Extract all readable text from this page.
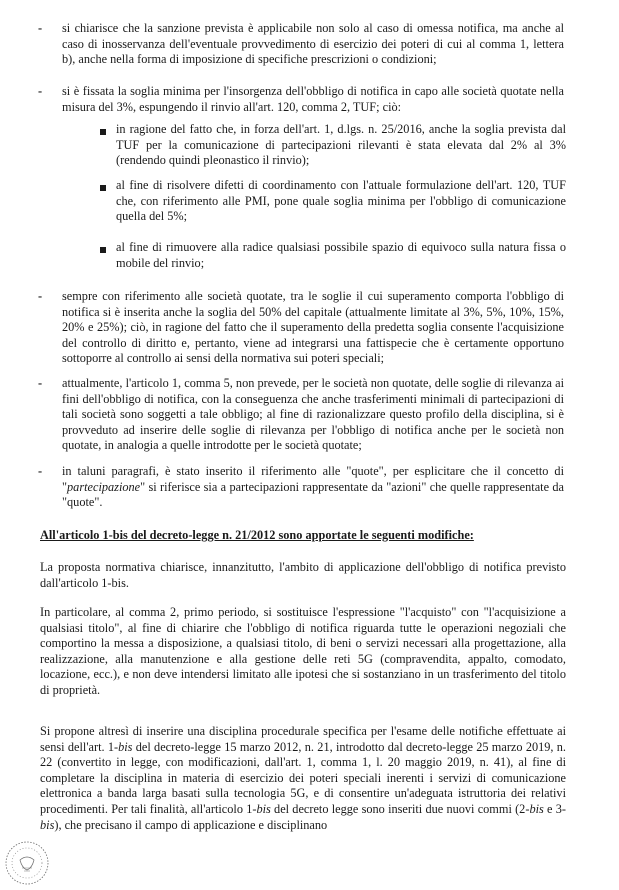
-	si chiarisce che la sanzione prevista è applicabile non solo al caso di omessa notifica, ma anche al caso di inosservanza dell'eventuale provvedimento di esercizio dei poteri di cui al comma 1, lettera b), anche nella forma di imposizione di specifiche prescrizioni o condizioni;

-	si è fissata la soglia minima per l'insorgenza dell'obbligo di notifica in capo alle società quotate nella misura del 3%, espungendo il rinvio all'art. 120, comma 2, TUF; ciò:

in ragione del fatto che, in forza dell'art. 1, d.lgs. n. 25/2016, anche la soglia prevista dal TUF per la comunicazione di partecipazioni rilevanti è stata elevata dal 2% al 3% (rendendo quindi pleonastico il rinvio);

al fine di risolvere difetti di coordinamento con l'attuale formulazione dell'art. 120, TUF che, con riferimento alle PMI, pone quale soglia minima per l'obbligo di comunicazione quella del 5%;

al fine di rimuovere alla radice qualsiasi possibile spazio di equivoco sulla natura fissa o mobile del rinvio;

-	sempre con riferimento alle società quotate, tra le soglie il cui superamento comporta l'obbligo di notifica si è inserita anche la soglia del 50% del capitale (attualmente limitate al 3%, 5%, 10%, 15%, 20% e 25%); ciò, in ragione del fatto che il superamento della predetta soglia consente l'acquisizione del controllo di diritto e, pertanto, viene ad integrarsi una fattispecie che è certamente opportuno sottoporre al controllo ai sensi della normativa sui poteri speciali;

-	attualmente, l'articolo 1, comma 5, non prevede, per le società non quotate, delle soglie di rilevanza ai fini dell'obbligo di notifica, con la conseguenza che anche trasferimenti minimali di partecipazioni di tali società sono soggetti a tale obbligo; al fine di razionalizzare questo profilo della disciplina, si è provveduto ad inserire delle soglie di rilevanza per l'obbligo di notifica anche per le società non quotate, in analogia a quelle introdotte per le società quotate;

-	in taluni paragrafi, è stato inserito il riferimento alle "quote", per esplicitare che il concetto di "partecipazione" si riferisce sia a partecipazioni rappresentate da "azioni" che quelle rappresentate da "quote".

All'articolo 1-bis del decreto-legge n. 21/2012 sono apportate le seguenti modifiche:

La proposta normativa chiarisce, innanzitutto, l'ambito di applicazione dell'obbligo di notifica previsto dall'articolo 1-bis.

In particolare, al comma 2, primo periodo, si sostituisce l'espressione "l'acquisto" con "l'acquisizione a qualsiasi titolo", al fine di chiarire che l'obbligo di notifica riguarda tutte le operazioni negoziali che comportino la messa a disposizione, a qualsiasi titolo, di beni o servizi necessari alla progettazione, alla realizzazione, alla manutenzione e alla gestione delle reti 5G (compravendita, appalto, comodato, locazione, ecc.), e non deve intendersi limitato alle ipotesi che si sostanziano in un trasferimento del titolo di proprietà.

Si propone altresì di inserire una disciplina procedurale specifica per l'esame delle notifiche effettuate ai sensi dell'art. 1-bis del decreto-legge 15 marzo 2012, n. 21, introdotto dal decreto-legge 25 marzo 2019, n. 22 (convertito in legge, con modificazioni, dall'art. 1, comma 1, l. 20 maggio 2019, n. 41), al fine di completare la disciplina in materia di esercizio dei poteri speciali inerenti i servizi di comunicazione elettronica a banda larga basati sulla tecnologia 5G, e di consentire un'adeguata istruttoria dei relativi procedimenti. Per tali finalità, all'articolo 1-bis del decreto legge sono inseriti due nuovi commi (2-bis e 3-bis), che precisano il campo di applicazione e disciplinano
